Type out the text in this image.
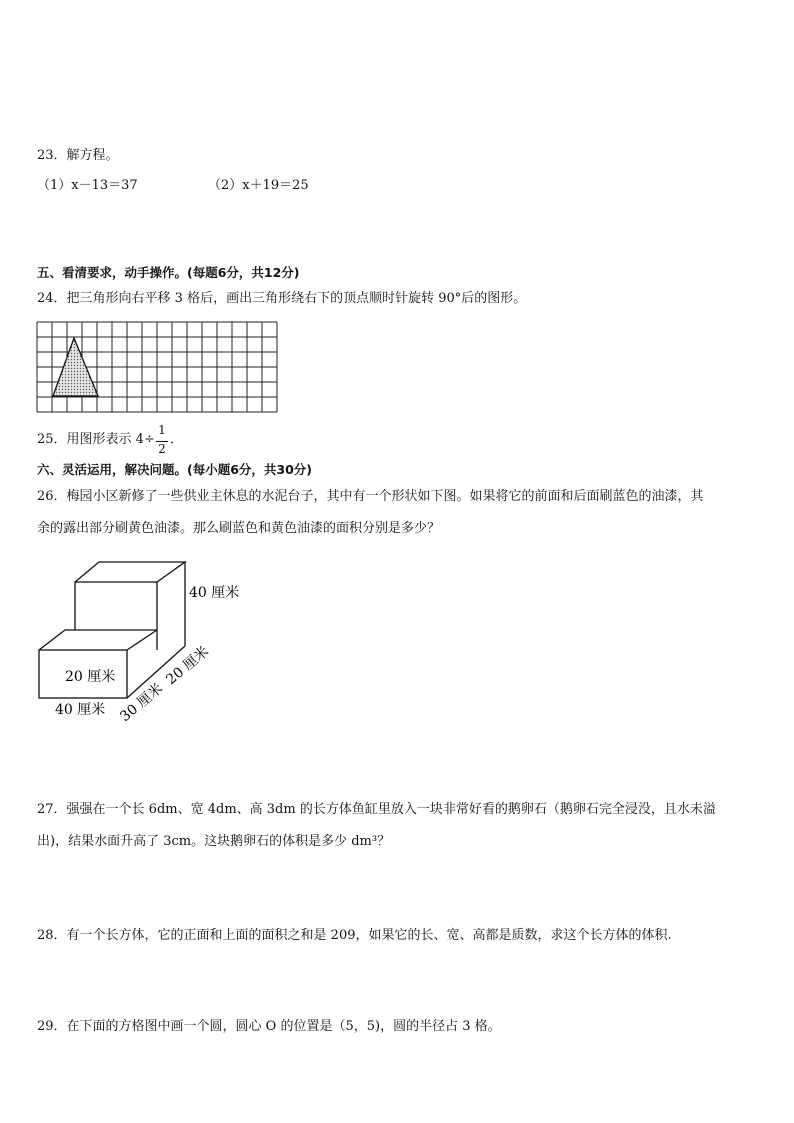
23．解方程。
（1）x－13＝37	（2）x＋19＝25
五、看清要求，动手操作。(每题6分，共12分)
24．把三角形向右平移 3 格后，画出三角形绕右下的顶点顺时针旋转 90°后的图形。
25．用图形表示 4÷
1
2
．
六、灵活运用，解决问题。(每小题6分，共30分)
26．梅园小区新修了一些供业主休息的水泥台子，其中有一个形状如下图。如果将它的前面和后面刷蓝色的油漆，其
余的露出部分刷黄色油漆。那么刷蓝色和黄色油漆的面积分别是多少？
40 厘米
20 厘米
40 厘米 30 厘米
20 厘米
27．强强在一个长 6dm、宽 4dm、高 3dm 的长方体鱼缸里放入一块非常好看的鹅卵石（鹅卵石完全浸没，且水未溢
出)，结果水面升高了 3cm。这块鹅卵石的体积是多少 dm³？
28．有一个长方体，它的正面和上面的面积之和是 209，如果它的长、宽、高都是质数，求这个长方体的体积.
29．在下面的方格图中画一个圆，圆心 O 的位置是（5，5)，圆的半径占 3 格。
